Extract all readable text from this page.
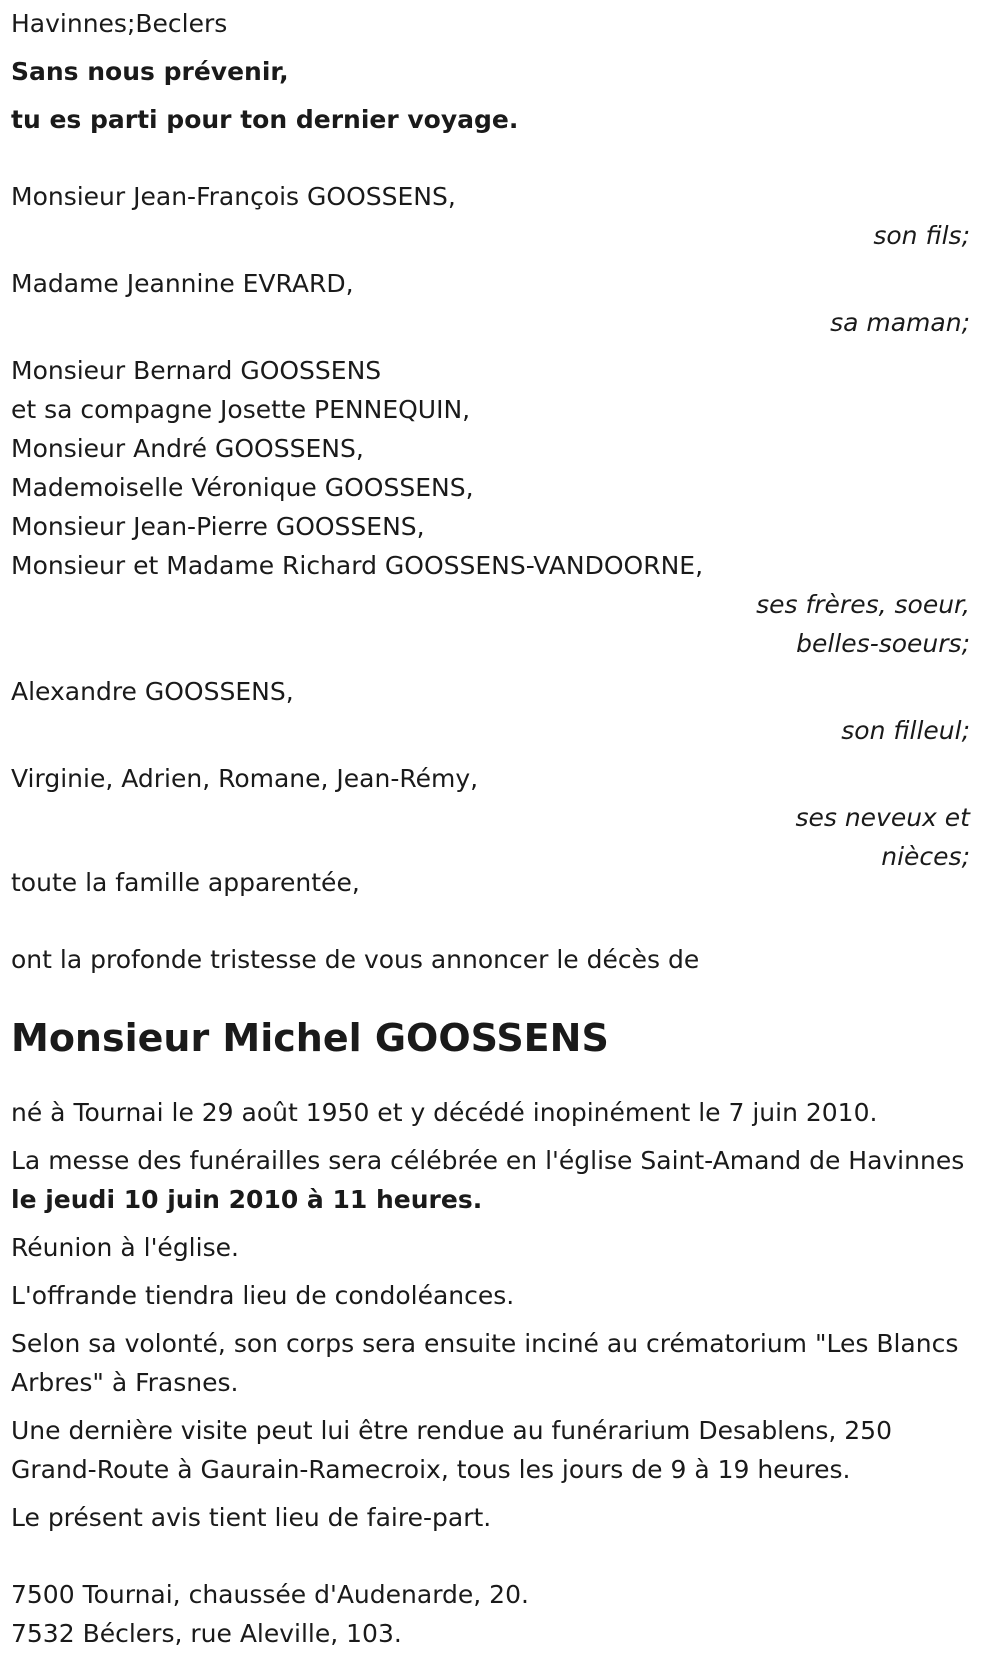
Havinnes;Beclers

Sans nous prévenir,

tu es parti pour ton dernier voyage.

Monsieur Jean-François GOOSSENS,

son fils;

Madame Jeannine EVRARD,

sa maman;

Monsieur Bernard GOOSSENS

et sa compagne Josette PENNEQUIN,

Monsieur André GOOSSENS,

Mademoiselle Véronique GOOSSENS,

Monsieur Jean-Pierre GOOSSENS,

Monsieur et Madame Richard GOOSSENS-VANDOORNE,

ses frères, soeur,

belles-soeurs;

Alexandre GOOSSENS,

son filleul;

Virginie, Adrien, Romane, Jean-Rémy,

ses neveux et

nièces;

toute la famille apparentée,

ont la profonde tristesse de vous annoncer le décès de

Monsieur Michel GOOSSENS

né à Tournai le 29 août 1950 et y décédé inopinément le 7 juin 2010.

La messe des funérailles sera célébrée en l'église Saint-Amand de Havinnes le jeudi 10 juin 2010 à 11 heures.

Réunion à l'église.

L'offrande tiendra lieu de condoléances.

Selon sa volonté, son corps sera ensuite inciné au crématorium "Les Blancs Arbres" à Frasnes.

Une dernière visite peut lui être rendue au funérarium Desablens, 250 Grand-Route à Gaurain-Ramecroix, tous les jours de 9 à 19 heures.

Le présent avis tient lieu de faire-part.

7500 Tournai, chaussée d'Audenarde, 20.

7532 Béclers, rue Aleville, 103.
